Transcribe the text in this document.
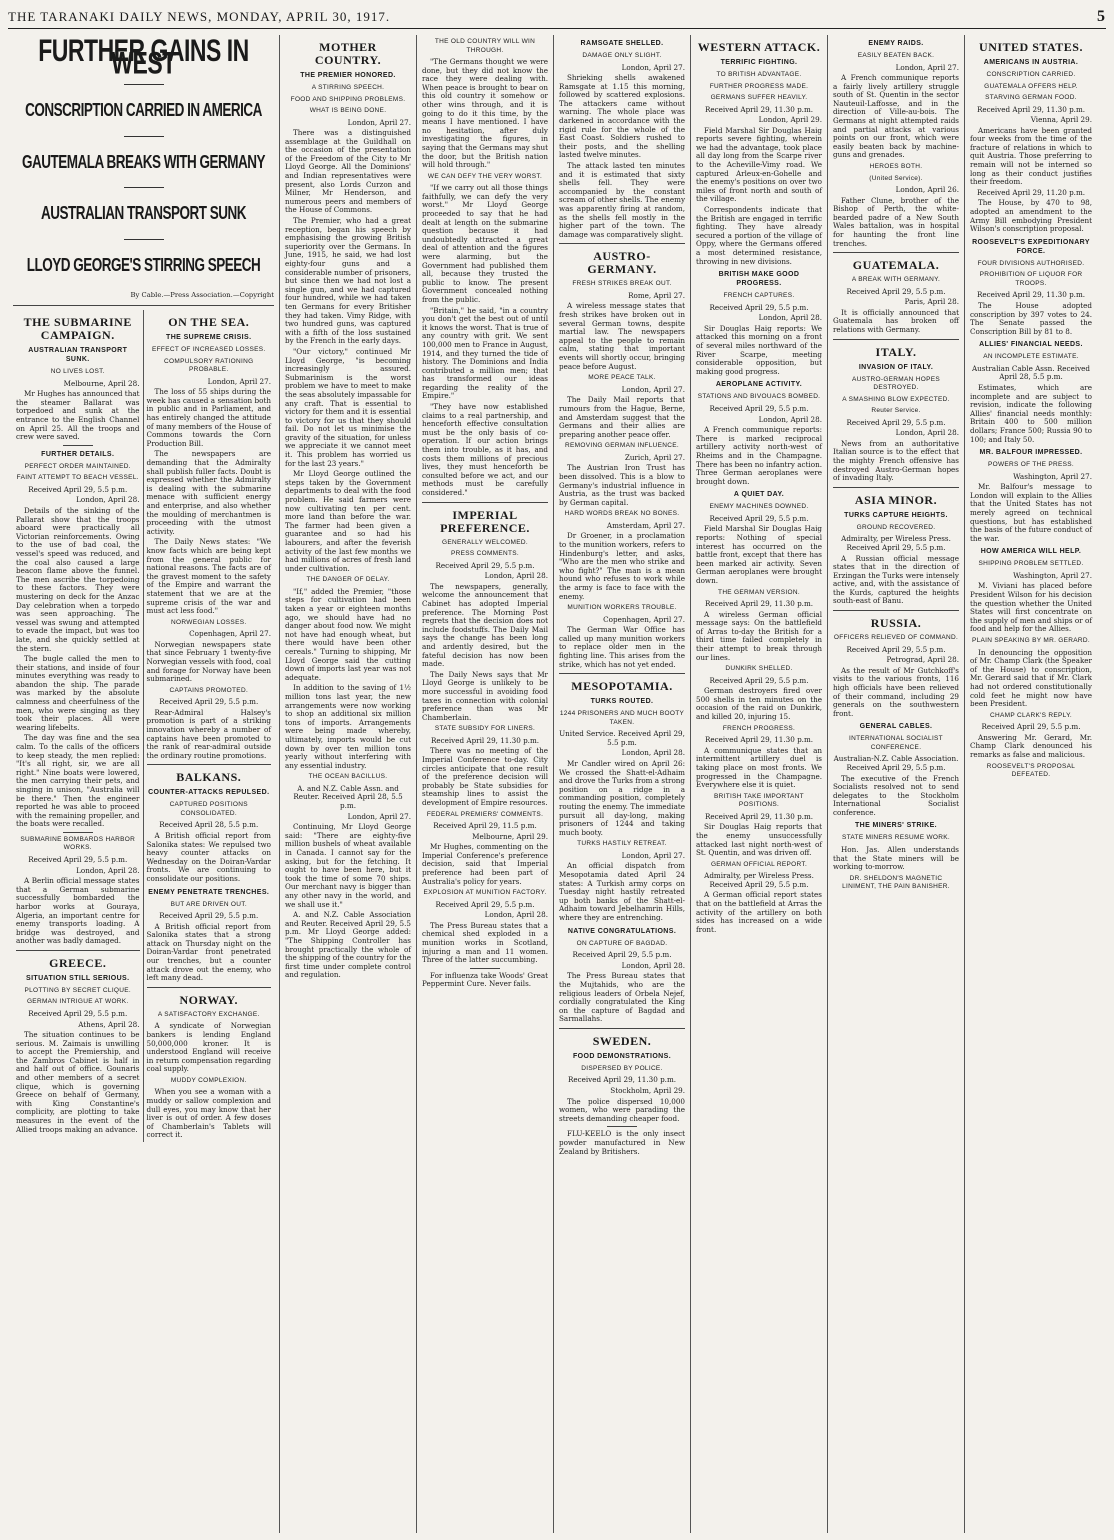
THE TARANAKI DAILY NEWS, MONDAY, APRIL 30, 1917.	5
FURTHER GAINS IN WEST
CONSCRIPTION CARRIED IN AMERICA
GAUTEMALA BREAKS WITH GERMANY
AUSTRALIAN TRANSPORT SUNK
LLOYD GEORGE'S STIRRING SPEECH
By Cable.—Press Association.—Copyright
THE SUBMARINE CAMPAIGN.
AUSTRALIAN TRANSPORT SUNK.
NO LIVES LOST.
Melbourne, April 28.

Mr Hughes has announced that the steamer Ballarat was torpedoed and sunk at the entrance to the English Channel on April 25. All the troops and crew were saved.

FURTHER DETAILS.
PERFECT ORDER MAINTAINED.
FAINT ATTEMPT TO BEACH VESSEL.
Received April 29, 5.5 p.m.
London, April 28.

Details of the sinking of the Pallarat show that the troops aboard were practically all Victorian reinforcements. Owing to the use of bad coal, the vessel's speed was reduced, and the coal also caused a large beacon flame above the funnel. The men ascribe the torpedoing to these factors. They were mustering on deck for the Anzac Day celebration when a torpedo was seen approaching. The vessel was swung and attempted to evade the impact, but was too late, and she quickly settled at the stern.

The bugle called the men to their stations, and inside of four minutes everything was ready to abandon the ship. The parade was marked by the absolute calmness and cheerfulness of the men, who were singing as they took their places. All were wearing lifebelts.

The day was fine and the sea calm. To the calls of the officers to keep steady, the men replied: "It's all right, sir, we are all right." Nine boats were lowered, the men carrying their pets, and singing in unison, "Australia will be there." Then the engineer reported he was able to proceed with the remaining propeller, and the boats were recalled.

SUBMARINE BOMBARDS HARBOR WORKS.
Received April 29, 5.5 p.m.
London, April 28.

A Berlin official message states that a German submarine successfully bombarded the harbor works at Gouraya, Algeria, an important centre for enemy transports loading. A bridge was destroyed, and another was badly damaged.

GREECE.
SITUATION STILL SERIOUS.
PLOTTING BY SECRET CLIQUE.
GERMAN INTRIGUE AT WORK.
Received April 29, 5.5 p.m.
Athens, April 28.

The situation continues to be serious. M. Zaimais is unwilling to accept the Premiership, and the Zambros Cabinet is half in and half out of office. Gounaris and other members of a secret clique, which is governing Greece on behalf of Germany, with King Constantine's complicity, are plotting to take measures in the event of the Allied troops making an advance.

ON THE SEA.
THE SUPREME CRISIS.
EFFECT OF INCREASED LOSSES.
COMPULSORY RATIONING PROBABLE.
London, April 27.

The loss of 55 ships during the week has caused a sensation both in public and in Parliament, and has entirely changed the attitude of many members of the House of Commons towards the Corn Production Bill.

The newspapers are demanding that the Admiralty shall publish fuller facts. Doubt is expressed whether the Admiralty is dealing with the submarine menace with sufficient energy and enterprise, and also whether the moulding of merchantmen is proceeding with the utmost activity.

The Daily News states: "We know facts which are being kept from the general public for national reasons. The facts are of the gravest moment to the safety of the Empire and warrant the statement that we are at the supreme crisis of the war and must act less food."

NORWEGIAN LOSSES.
Copenhagen, April 27.

Norwegian newspapers state that since February 1 twenty-five Norwegian vessels with food, coal and forage for Norway have been submarined.

CAPTAINS PROMOTED.
Received April 29, 5.5 p.m.

Rear-Admiral Halsey's promotion is part of a striking innovation whereby a number of captains have been promoted to the rank of rear-admiral outside the ordinary routine promotions.

BALKANS.
COUNTER-ATTACKS REPULSED.
CAPTURED POSITIONS CONSOLIDATED.
Received April 28, 5.5 p.m.

A British official report from Salonika states: We repulsed two heavy counter attacks on Wednesday on the Doiran-Vardar fronts. We are continuing to consolidate our positions.

ENEMY PENETRATE TRENCHES.
BUT ARE DRIVEN OUT.
Received April 29, 5.5 p.m.

A British official report from Salonika states that a strong attack on Thursday night on the Doiran-Vardar front penetrated our trenches, but a counter attack drove out the enemy, who left many dead.

NORWAY.
A SATISFACTORY EXCHANGE.

A syndicate of Norwegian bankers is lending England 50,000,000 kroner. It is understood England will receive in return compensation regarding coal supply.

MUDDY COMPLEXION.

When you see a woman with a muddy or sallow complexion and dull eyes, you may know that her liver is out of order. A few doses of Chamberlain's Tablets will correct it.

MOTHER COUNTRY.
THE PREMIER HONORED.
A STIRRING SPEECH.
FOOD AND SHIPPING PROBLEMS.
WHAT IS BEING DONE.
London, April 27.

There was a distinguished assemblage at the Guildhall on the occasion of the presentation of the Freedom of the City to Mr Lloyd George. All the Dominions' and Indian representatives were present, also Lords Curzon and Milner, Mr Henderson, and numerous peers and members of the House of Commons.

The Premier, who had a great reception, began his speech by emphasising the growing British superiority over the Germans. In June, 1915, he said, we had lost eighty-four guns and a considerable number of prisoners, but since then we had not lost a single gun, and we had captured four hundred, while we had taken ten Germans for every Britisher they had taken. Vimy Ridge, with two hundred guns, was captured with a fifth of the loss sustained by the French in the early days.

"Our victory," continued Mr Lloyd George, "is becoming increasingly assured. Submarinism is the worst problem we have to meet to make the seas absolutely impassable for any craft. That is essential to victory for them and it is essential to victory for us that they should fail. Do not let us minimise the gravity of the situation, for unless we appreciate it we cannot meet it. This problem has worried us for the last 23 years."

Mr Lloyd George outlined the steps taken by the Government departments to deal with the food problem. He said farmers were now cultivating ten per cent. more land than before the war. The farmer had been given a guarantee and so had his labourers, and after the feverish activity of the last few months we had millions of acres of fresh land under cultivation.

THE DANGER OF DELAY.

"If," added the Premier, "those steps for cultivation had been taken a year or eighteen months ago, we should have had no danger about food now. We might not have had enough wheat, but there would have been other cereals." Turning to shipping, Mr Lloyd George said the cutting down of imports last year was not adequate.

In addition to the saving of 1½ million tons last year, the new arrangements were now working to shop an additional six million tons of imports. Arrangements were being made whereby, ultimately, imports would be cut down by over ten million tons yearly without interfering with any essential industry.

THE OCEAN BACILLUS.
A. and N.Z. Cable Assn. and Reuter. Received April 28, 5.5 p.m.
London, April 27.

Continuing, Mr Lloyd George said: "There are eighty-five million bushels of wheat available in Canada. I cannot say for the asking, but for the fetching. It ought to have been here, but it took the time of some 70 ships. Our merchant navy is bigger than any other navy in the world, and we shall use it."

A. and N.Z. Cable Association and Reuter. Received April 29, 5.5 p.m. Mr Lloyd George added: "The Shipping Controller has brought practically the whole of the shipping of the country for the first time under complete control and regulation.

THE OLD COUNTRY WILL WIN THROUGH.

"The Germans thought we were done, but they did not know the race they were dealing with. When peace is brought to bear on this old country it somehow or other wins through, and it is going to do it this time, by the means I have mentioned. I have no hesitation, after duly investigating the figures, in saying that the Germans may shut the door, but the British nation will hold through."

WE CAN DEFY THE VERY WORST.

"If we carry out all those things faithfully, we can defy the very worst." Mr Lloyd George proceeded to say that he had dealt at length on the submarine question because it had undoubtedly attracted a great deal of attention and the figures were alarming, but the Government had published them all, because they trusted the public to know. The present Government concealed nothing from the public.

"Britain," he said, "in a country you don't get the best out of until it knows the worst. That is true of any country with grit. We sent 100,000 men to France in August, 1914, and they turned the tide of history. The Dominions and India contributed a million men; that has transformed our ideas regarding the reality of the Empire."

"They have now established claims to a real partnership, and henceforth effective consultation must be the only basis of co-operation. If our action brings them into trouble, as it has, and costs them millions of precious lives, they must henceforth be consulted before we act, and our methods must be carefully considered."

IMPERIAL PREFERENCE.
GENERALLY WELCOMED.
PRESS COMMENTS.
Received April 29, 5.5 p.m.
London, April 28.

The newspapers, generally, welcome the announcement that Cabinet has adopted Imperial preference. The Morning Post regrets that the decision does not include foodstuffs. The Daily Mail says the change has been long and ardently desired, but the fateful decision has now been made.

The Daily News says that Mr Lloyd George is unlikely to be more successful in avoiding food taxes in connection with colonial preference than was Mr Chamberlain.

STATE SUBSIDY FOR LINERS.
Received April 29, 11.30 p.m.

There was no meeting of the Imperial Conference to-day. City circles anticipate that one result of the preference decision will probably be State subsidies for steamship lines to assist the development of Empire resources.

FEDERAL PREMIERS' COMMENTS.
Received April 29, 11.5 p.m.
Melbourne, April 29.

Mr Hughes, commenting on the Imperial Conference's preference decision, said that Imperial preference had been part of Australia's policy for years.

EXPLOSION AT MUNITION FACTORY.
Received April 29, 5.5 p.m.
London, April 28.

The Press Bureau states that a chemical shed exploded in a munition works in Scotland, injuring a man and 11 women. Three of the latter succumbing.

For influenza take Woods' Great Peppermint Cure. Never fails.

RAMSGATE SHELLED.
DAMAGE ONLY SLIGHT.
London, April 27.

Shrieking shells awakened Ramsgate at 1.15 this morning, followed by scattered explosions. The attackers came without warning. The whole place was darkened in accordance with the rigid rule for the whole of the East Coast. Soldiers rushed to their posts, and the shelling lasted twelve minutes.

The attack lasted ten minutes and it is estimated that sixty shells fell. They were accompanied by the constant scream of other shells. The enemy was apparently firing at random, as the shells fell mostly in the higher part of the town. The damage was comparatively slight.

AUSTRO-GERMANY.
FRESH STRIKES BREAK OUT.
Rome, April 27.

A wireless message states that fresh strikes have broken out in several German towns, despite martial law. The newspapers appeal to the people to remain calm, stating that important events will shortly occur, bringing peace before August.

MORE PEACE TALK.
London, April 27.

The Daily Mail reports that rumours from the Hague, Berne, and Amsterdam suggest that the Germans and their allies are preparing another peace offer.

REMOVING GERMAN INFLUENCE.
Zurich, April 27.

The Austrian Iron Trust has been dissolved. This is a blow to Germany's industrial influence in Austria, as the trust was backed by German capital.

HARD WORDS BREAK NO BONES.
Amsterdam, April 27.

Dr Groener, in a proclamation to the munition workers, refers to Hindenburg's letter, and asks, "Who are the men who strike and who fight?" The man is a mean hound who refuses to work while the army is face to face with the enemy.

MUNITION WORKERS TROUBLE.
Copenhagen, April 27.

The German War Office has called up many munition workers to replace older men in the fighting line. This arises from the strike, which has not yet ended.

MESOPOTAMIA.
TURKS ROUTED.
1244 PRISONERS AND MUCH BOOTY TAKEN.
United Service. Received April 29, 5.5 p.m.
London, April 28.

Mr Candler wired on April 26: We crossed the Shatt-el-Adhaim and drove the Turks from a strong position on a ridge in a commanding position, completely routing the enemy. The immediate pursuit all day-long, making prisoners of 1244 and taking much booty.

TURKS HASTILY RETREAT.
London, April 27.

An official dispatch from Mesopotamia dated April 24 states: A Turkish army corps on Tuesday night hastily retreated up both banks of the Shatt-el-Adhaim toward Jebelhamrin Hills, where they are entrenching.

NATIVE CONGRATULATIONS.
ON CAPTURE OF BAGDAD.
Received April 29, 5.5 p.m.
London, April 28.

The Press Bureau states that the Mujtahids, who are the religious leaders of Orbela Nejef, cordially congratulated the King on the capture of Bagdad and Sarmallahs.

SWEDEN.
FOOD DEMONSTRATIONS.
DISPERSED BY POLICE.
Received April 29, 11.30 p.m.
Stockholm, April 29.

The police dispersed 10,000 women, who were parading the streets demanding cheaper food.

FLU-KEELO is the only insect powder manufactured in New Zealand by Britishers.

WESTERN ATTACK.
TERRIFIC FIGHTING.
TO BRITISH ADVANTAGE.
FURTHER PROGRESS MADE.
GERMANS SUFFER HEAVILY.
Received April 29, 11.30 p.m.
London, April 29.

Field Marshal Sir Douglas Haig reports severe fighting, wherein we had the advantage, took place all day long from the Scarpe river to the Acheville-Vimy road. We captured Arleux-en-Gohelle and the enemy's positions on over two miles of front north and south of the village.

Correspondents indicate that the British are engaged in terrific fighting. They have already secured a portion of the village of Oppy, where the Germans offered a most determined resistance, throwing in new divisions.

BRITISH MAKE GOOD PROGRESS.
FRENCH CAPTURES.
Received April 29, 5.5 p.m.
London, April 28.

Sir Douglas Haig reports: We attacked this morning on a front of several miles northward of the River Scarpe, meeting considerable opposition, but making good progress.

AEROPLANE ACTIVITY.
STATIONS AND BIVOUACS BOMBED.
Received April 29, 5.5 p.m.
London, April 28.

A French communique reports: There is marked reciprocal artillery activity north-west of Rheims and in the Champagne. There has been no infantry action. Three German aeroplanes were brought down.

A QUIET DAY.
ENEMY MACHINES DOWNED.
Received April 29, 5.5 p.m.

Field Marshal Sir Douglas Haig reports: Nothing of special interest has occurred on the battle front, except that there has been marked air activity. Seven German aeroplanes were brought down.

THE GERMAN VERSION.
Received April 29, 11.30 p.m.

A wireless German official message says: On the battlefield of Arras to-day the British for a third time failed completely in their attempt to break through our lines.

DUNKIRK SHELLED.
Received April 29, 5.5 p.m.

German destroyers fired over 500 shells in ten minutes on the occasion of the raid on Dunkirk, and killed 20, injuring 15.

FRENCH PROGRESS.
Received April 29, 11.30 p.m.

A communique states that an intermittent artillery duel is taking place on most fronts. We progressed in the Champagne. Everywhere else it is quiet.

BRITISH TAKE IMPORTANT POSITIONS.
Received April 29, 11.30 p.m.

Sir Douglas Haig reports that the enemy unsuccessfully attacked last night north-west of St. Quentin, and was driven off.

GERMAN OFFICIAL REPORT.
Admiralty, per Wireless Press. Received April 29, 5.5 p.m.

A German official report states that on the battlefield at Arras the activity of the artillery on both sides has increased on a wide front.

ENEMY RAIDS.
EASILY BEATEN BACK.
London, April 27.

A French communique reports a fairly lively artillery struggle south of St. Quentin in the sector Nauteuil-Laffosse, and in the direction of Ville-au-bois. The Germans at night attempted raids and partial attacks at various points on our front, which were easily beaten back by machine-guns and grenades.

HEROES BOTH.
(United Service).
London, April 26.

Father Clune, brother of the Bishop of Perth, the white-bearded padre of a New South Wales battalion, was in hospital for haunting the front line trenches.

GUATEMALA.
A BREAK WITH GERMANY.
Received April 29, 5.5 p.m.
Paris, April 28.

It is officially announced that Guatemala has broken off relations with Germany.

ITALY.
INVASION OF ITALY.
AUSTRO-GERMAN HOPES DESTROYED.
A SMASHING BLOW EXPECTED.
Reuter Service.
Received April 29, 5.5 p.m.
London, April 28.

News from an authoritative Italian source is to the effect that the mighty French offensive has destroyed Austro-German hopes of invading Italy.

ASIA MINOR.
TURKS CAPTURE HEIGHTS.
GROUND RECOVERED.
Admiralty, per Wireless Press. Received April 29, 5.5 p.m.

A Russian official message states that in the direction of Erzingan the Turks were intensely active, and, with the assistance of the Kurds, captured the heights south-east of Banu.

RUSSIA.
OFFICERS RELIEVED OF COMMAND.
Received April 29, 5.5 p.m.
Petrograd, April 28.

As the result of Mr Gutchkoff's visits to the various fronts, 116 high officials have been relieved of their command, including 29 generals on the southwestern front.

GENERAL CABLES.
INTERNATIONAL SOCIALIST CONFERENCE.
Australian-N.Z. Cable Association. Received April 29, 5.5 p.m.

The executive of the French Socialists resolved not to send delegates to the Stockholm International Socialist conference.

THE MINERS' STRIKE.
STATE MINERS RESUME WORK.

Hon. Jas. Allen understands that the State miners will be working to-morrow.

DR. SHELDON'S MAGNETIC LINIMENT, THE PAIN BANISHER.
UNITED STATES.
AMERICANS IN AUSTRIA.
CONSCRIPTION CARRIED.
GUATEMALA OFFERS HELP.
STARVING GERMAN FOOD.
Received April 29, 11.30 p.m.
Vienna, April 29.

Americans have been granted four weeks from the time of the fracture of relations in which to quit Austria. Those preferring to remain will not be interned so long as their conduct justifies their freedom.

Received April 29, 11.20 p.m.

The House, by 470 to 98, adopted an amendment to the Army Bill embodying President Wilson's conscription proposal.

ROOSEVELT'S EXPEDITIONARY FORCE.
FOUR DIVISIONS AUTHORISED.
PROHIBITION OF LIQUOR FOR TROOPS.
Received April 29, 11.30 p.m.

The House adopted conscription by 397 votes to 24. The Senate passed the Conscription Bill by 81 to 8.

ALLIES' FINANCIAL NEEDS.
AN INCOMPLETE ESTIMATE.
Australian Cable Assn. Received April 28, 5.5 p.m.

Estimates, which are incomplete and are subject to revision, indicate the following Allies' financial needs monthly: Britain 400 to 500 million dollars; France 500; Russia 90 to 100; and Italy 50.

MR. BALFOUR IMPRESSED.
POWERS OF THE PRESS.
Washington, April 27.

Mr. Balfour's message to London will explain to the Allies that the United States has not merely agreed on technical questions, but has established the basis of the future conduct of the war.

HOW AMERICA WILL HELP.
SHIPPING PROBLEM SETTLED.
Washington, April 27.

M. Viviani has placed before President Wilson for his decision the question whether the United States will first concentrate on the supply of men and ships or of food and help for the Allies.

PLAIN SPEAKING BY MR. GERARD.

In denouncing the opposition of Mr. Champ Clark (the Speaker of the House) to conscription, Mr. Gerard said that if Mr. Clark had not ordered constitutionally cold feet he might now have been President.

CHAMP CLARK'S REPLY.
Received April 29, 5.5 p.m.

Answering Mr. Gerard, Mr. Champ Clark denounced his remarks as false and malicious.

ROOSEVELT'S PROPOSAL DEFEATED.
